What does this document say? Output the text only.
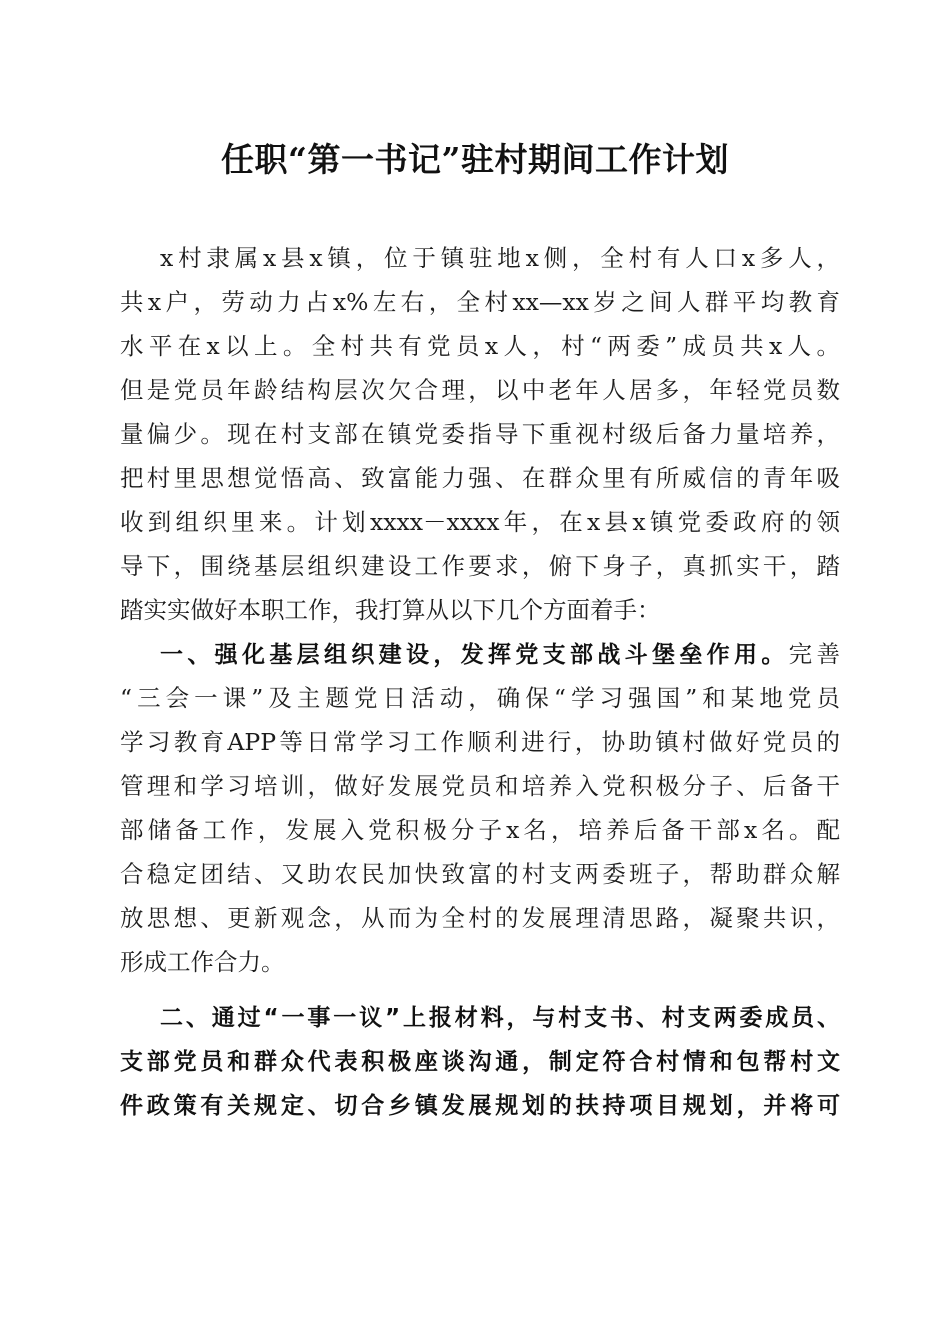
任职“第一书记”驻村期间工作计划
x村隶属x县x镇，位于镇驻地x侧，全村有人口x多人，
共x户，劳动力占x%左右，全村xx—xx岁之间人群平均教育
水平在x以上。全村共有党员x人，村“两委”成员共x人。
但是党员年龄结构层次欠合理，以中老年人居多，年轻党员数
量偏少。现在村支部在镇党委指导下重视村级后备力量培养，
把村里思想觉悟高、致富能力强、在群众里有所威信的青年吸
收到组织里来。计划xxxx－xxxx年，在x县x镇党委政府的领
导下，围绕基层组织建设工作要求，俯下身子，真抓实干，踏
踏实实做好本职工作，我打算从以下几个方面着手：
一、强化基层组织建设，发挥党支部战斗堡垒作用。完善
“三会一课”及主题党日活动，确保“学习强国”和某地党员
学习教育APP等日常学习工作顺利进行，协助镇村做好党员的
管理和学习培训，做好发展党员和培养入党积极分子、后备干
部储备工作，发展入党积极分子x名，培养后备干部x名。配
合稳定团结、又助农民加快致富的村支两委班子，帮助群众解
放思想、更新观念，从而为全村的发展理清思路，凝聚共识，
形成工作合力。
二、通过“一事一议”上报材料，与村支书、村支两委成员、
支部党员和群众代表积极座谈沟通，制定符合村情和包帮村文
件政策有关规定、切合乡镇发展规划的扶持项目规划，并将可
